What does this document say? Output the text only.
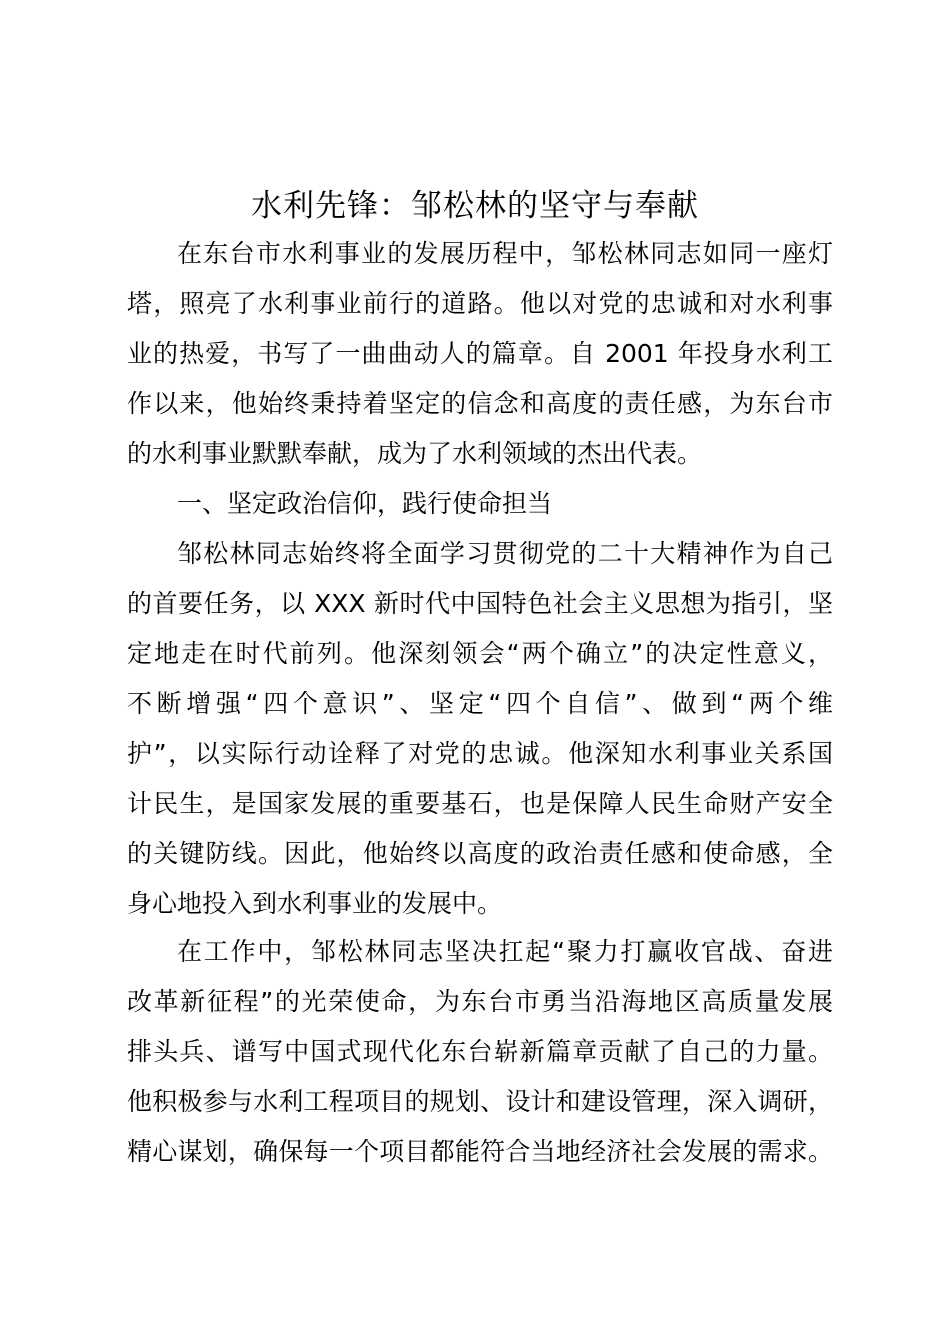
水利先锋：邹松林的坚守与奉献

在东台市水利事业的发展历程中，邹松林同志如同一座灯

塔，照亮了水利事业前行的道路。他以对党的忠诚和对水利事

业的热爱，书写了一曲曲动人的篇章。自 2001 年投身水利工

作以来，他始终秉持着坚定的信念和高度的责任感，为东台市

的水利事业默默奉献，成为了水利领域的杰出代表。

一、坚定政治信仰，践行使命担当

邹松林同志始终将全面学习贯彻党的二十大精神作为自己

的首要任务，以 XXX 新时代中国特色社会主义思想为指引，坚

定地走在时代前列。他深刻领会“两个确立”的决定性意义，

不断增强“四个意识”、坚定“四个自信”、做到“两个维

护”，以实际行动诠释了对党的忠诚。他深知水利事业关系国

计民生，是国家发展的重要基石，也是保障人民生命财产安全

的关键防线。因此，他始终以高度的政治责任感和使命感，全

身心地投入到水利事业的发展中。

在工作中，邹松林同志坚决扛起“聚力打赢收官战、奋进

改革新征程”的光荣使命，为东台市勇当沿海地区高质量发展

排头兵、谱写中国式现代化东台崭新篇章贡献了自己的力量。

他积极参与水利工程项目的规划、设计和建设管理，深入调研，

精心谋划，确保每一个项目都能符合当地经济社会发展的需求。
